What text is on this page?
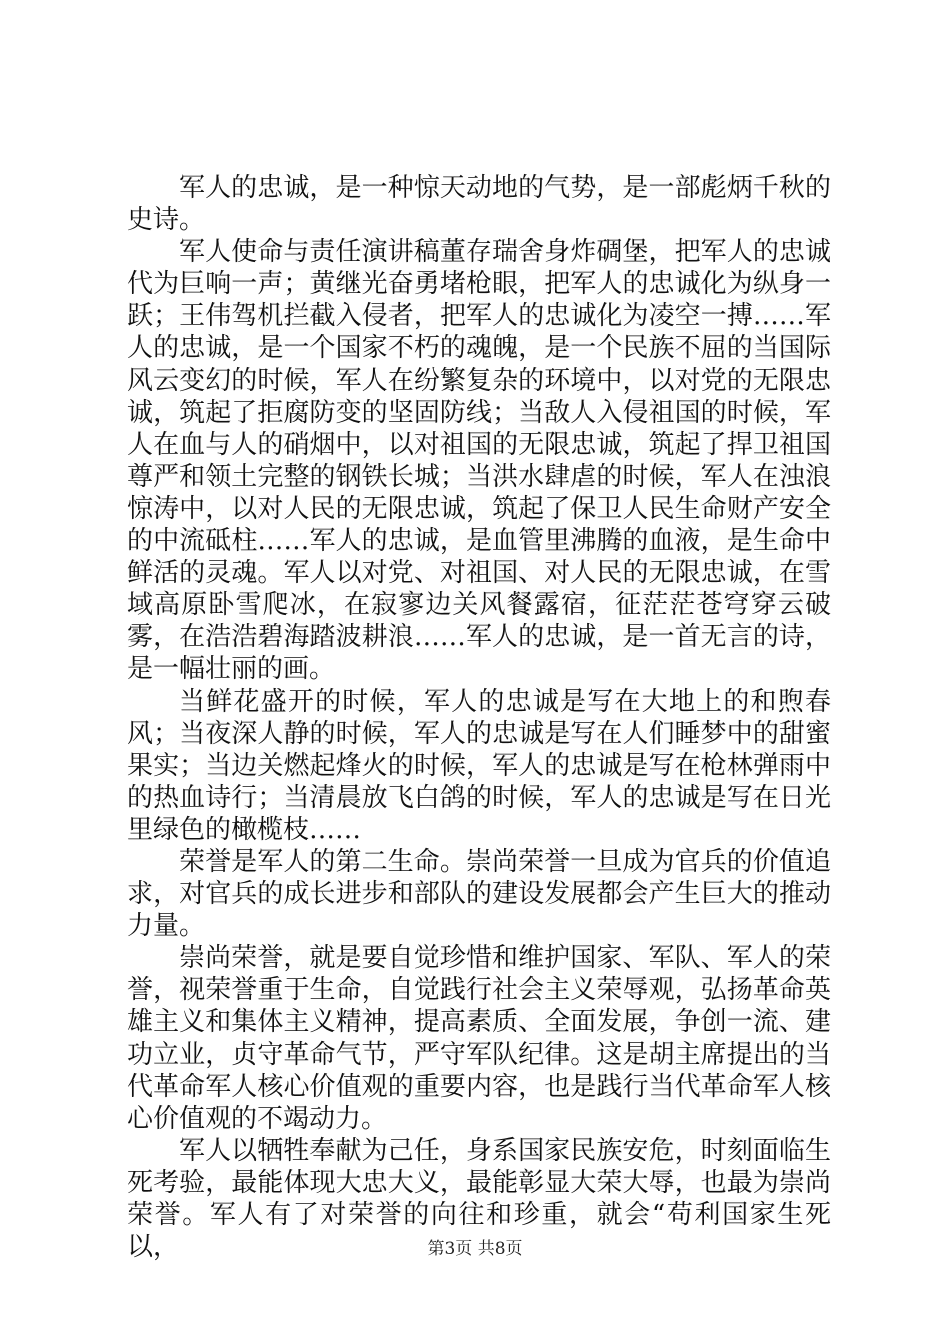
军人的忠诚，是一种惊天动地的气势，是一部彪炳千秋的史诗。

军人使命与责任演讲稿董存瑞舍身炸碉堡，把军人的忠诚代为巨响一声；黄继光奋勇堵枪眼，把军人的忠诚化为纵身一跃；王伟驾机拦截入侵者，把军人的忠诚化为凌空一搏……军人的忠诚，是一个国家不朽的魂魄，是一个民族不屈的当国际风云变幻的时候，军人在纷繁复杂的环境中，以对党的无限忠诚，筑起了拒腐防变的坚固防线；当敌人入侵祖国的时候，军人在血与人的硝烟中，以对祖国的无限忠诚，筑起了捍卫祖国尊严和领土完整的钢铁长城；当洪水肆虐的时候，军人在浊浪惊涛中，以对人民的无限忠诚，筑起了保卫人民生命财产安全的中流砥柱……军人的忠诚，是血管里沸腾的血液，是生命中鲜活的灵魂。军人以对党、对祖国、对人民的无限忠诚，在雪域高原卧雪爬冰，在寂寥边关风餐露宿，征茫茫苍穹穿云破雾，在浩浩碧海踏波耕浪……军人的忠诚，是一首无言的诗，是一幅壮丽的画。

当鲜花盛开的时候，军人的忠诚是写在大地上的和煦春风；当夜深人静的时候，军人的忠诚是写在人们睡梦中的甜蜜果实；当边关燃起烽火的时候，军人的忠诚是写在枪林弹雨中的热血诗行；当清晨放飞白鸽的时候，军人的忠诚是写在日光里绿色的橄榄枝……

荣誉是军人的第二生命。崇尚荣誉一旦成为官兵的价值追求，对官兵的成长进步和部队的建设发展都会产生巨大的推动力量。

崇尚荣誉，就是要自觉珍惜和维护国家、军队、军人的荣誉，视荣誉重于生命，自觉践行社会主义荣辱观，弘扬革命英雄主义和集体主义精神，提高素质、全面发展，争创一流、建功立业，贞守革命气节，严守军队纪律。这是胡主席提出的当代革命军人核心价值观的重要内容，也是践行当代革命军人核心价值观的不竭动力。

军人以牺牲奉献为己任，身系国家民族安危，时刻面临生死考验，最能体现大忠大义，最能彰显大荣大辱，也最为崇尚荣誉。军人有了对荣誉的向往和珍重，就会“苟利国家生死以，	第3页 共8页
